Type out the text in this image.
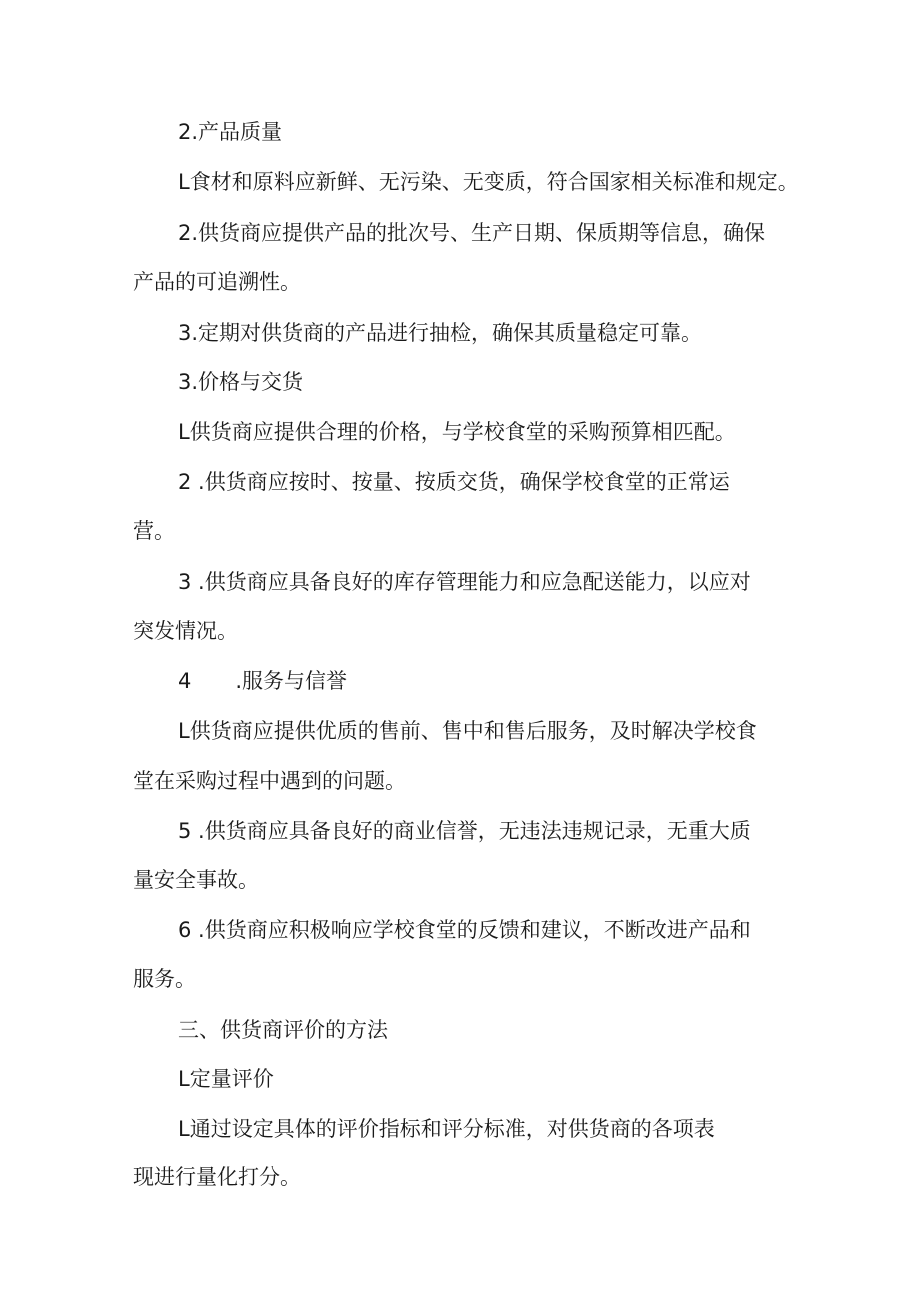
2.产品质量

L食材和原料应新鲜、无污染、无变质，符合国家相关标准和规定。

2.供货商应提供产品的批次号、生产日期、保质期等信息，确保

产品的可追溯性。

3.定期对供货商的产品进行抽检，确保其质量稳定可靠。

3.价格与交货

L供货商应提供合理的价格，与学校食堂的采购预算相匹配。

2 .供货商应按时、按量、按质交货，确保学校食堂的正常运

营。

3 .供货商应具备良好的库存管理能力和应急配送能力，以应对

突发情况。

4 .服务与信誉

L供货商应提供优质的售前、售中和售后服务，及时解决学校食

堂在采购过程中遇到的问题。

5 .供货商应具备良好的商业信誉，无违法违规记录，无重大质

量安全事故。

6 .供货商应积极响应学校食堂的反馈和建议，不断改进产品和

服务。

三、供货商评价的方法

L定量评价

L通过设定具体的评价指标和评分标准，对供货商的各项表

现进行量化打分。
